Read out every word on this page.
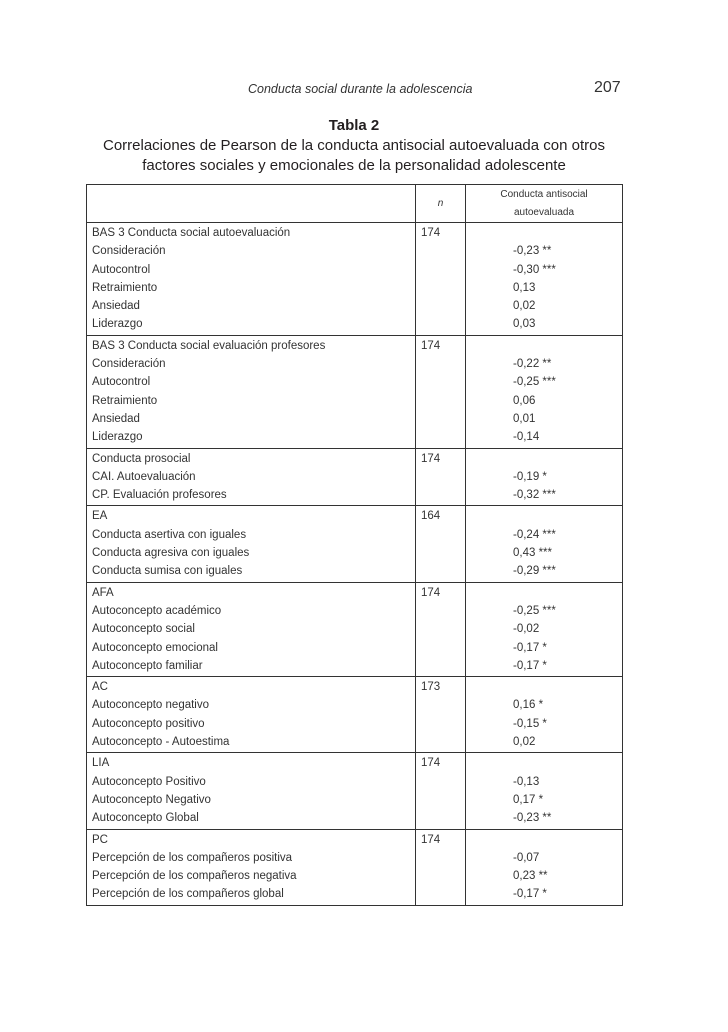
Conducta social durante la adolescencia	207
Tabla 2
Correlaciones de Pearson de la conducta antisocial autoevaluada con otros
factores sociales y emocionales de la personalidad adolescente
	n	Conducta antisocial
autoevaluada

BAS 3 Conducta social autoevaluación	174	
Consideración		-0,23 **
Autocontrol		-0,30 ***
Retraimiento		0,13
Ansiedad		0,02
Liderazgo		0,03
BAS 3 Conducta social evaluación profesores	174	
Consideración		-0,22 **
Autocontrol		-0,25 ***
Retraimiento		0,06
Ansiedad		0,01
Liderazgo		-0,14
Conducta prosocial	174	
CAI. Autoevaluación		-0,19 *
CP. Evaluación profesores		-0,32 ***
EA	164	
Conducta asertiva con iguales		-0,24 ***
Conducta agresiva con iguales		0,43 ***
Conducta sumisa con iguales		-0,29 ***
AFA	174	
Autoconcepto académico		-0,25 ***
Autoconcepto social		-0,02
Autoconcepto emocional		-0,17 *
Autoconcepto familiar		-0,17 *
AC	173	
Autoconcepto negativo		0,16 *
Autoconcepto positivo		-0,15 *
Autoconcepto - Autoestima		0,02
LIA	174	
Autoconcepto Positivo		-0,13
Autoconcepto Negativo		0,17 *
Autoconcepto Global		-0,23 **
PC	174	
Percepción de los compañeros positiva		-0,07
Percepción de los compañeros negativa		0,23 **
Percepción de los compañeros global		-0,17 *
